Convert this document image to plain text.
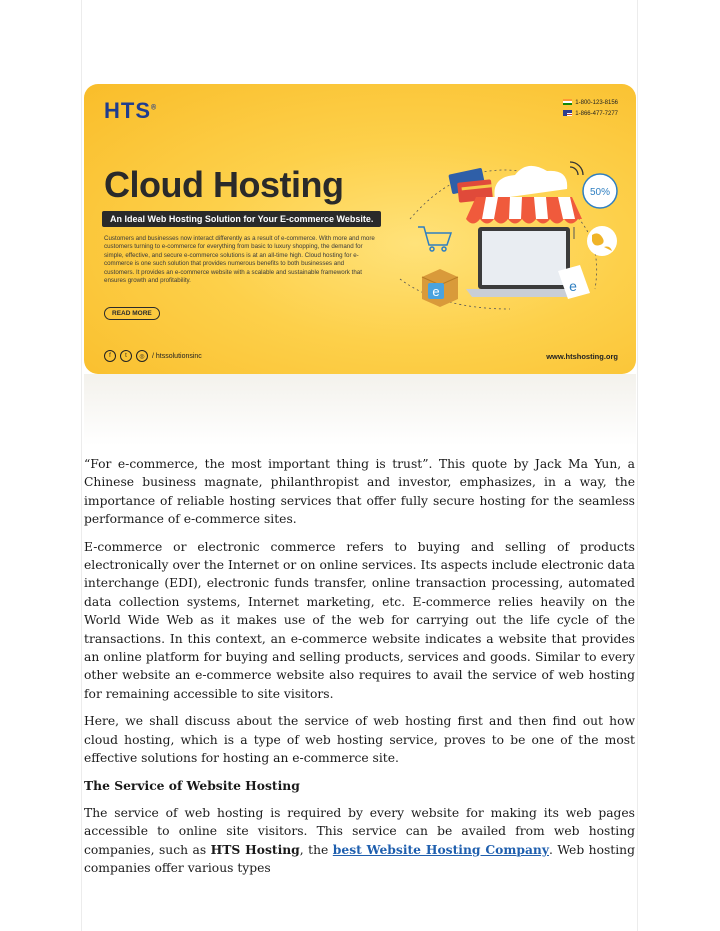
HTS®
1-800-123-8156
1-866-477-7277
Cloud Hosting
An Ideal Web Hosting Solution for Your E-commerce Website.
Customers and businesses now interact differently as a result of e-commerce. With more and more customers turning to e-commerce for everything from basic to luxury shopping, the demand for simple, effective, and secure e-commerce solutions is at an all-time high. Cloud hosting for e-commerce is one such solution that provides numerous benefits to both businesses and customers. It provides an e-commerce website with a scalable and sustainable framework that ensures growth and profitability.
READ MORE
f	t	◎	/ htssolutionsinc	www.htshosting.org
e
50%
e

“For e-commerce, the most important thing is trust”. This quote by Jack Ma Yun, a Chinese business magnate, philanthropist and investor, emphasizes, in a way, the importance of reliable hosting services that offer fully secure hosting for the seamless performance of e-commerce sites.

E-commerce or electronic commerce refers to buying and selling of products electronically over the Internet or on online services. Its aspects include electronic data interchange (EDI), electronic funds transfer, online transaction processing, automated data collection systems, Internet marketing, etc. E-commerce relies heavily on the World Wide Web as it makes use of the web for carrying out the life cycle of the transactions. In this context, an e-commerce website indicates a website that provides an online platform for buying and selling products, services and goods. Similar to every other website an e-commerce website also requires to avail the service of web hosting for remaining accessible to site visitors.

Here, we shall discuss about the service of web hosting first and then find out how cloud hosting, which is a type of web hosting service, proves to be one of the most effective solutions for hosting an e-commerce site.

The Service of Website Hosting

The service of web hosting is required by every website for making its web pages accessible to online site visitors. This service can be availed from web hosting companies, such as HTS Hosting, the best Website Hosting Company. Web hosting companies offer various types
